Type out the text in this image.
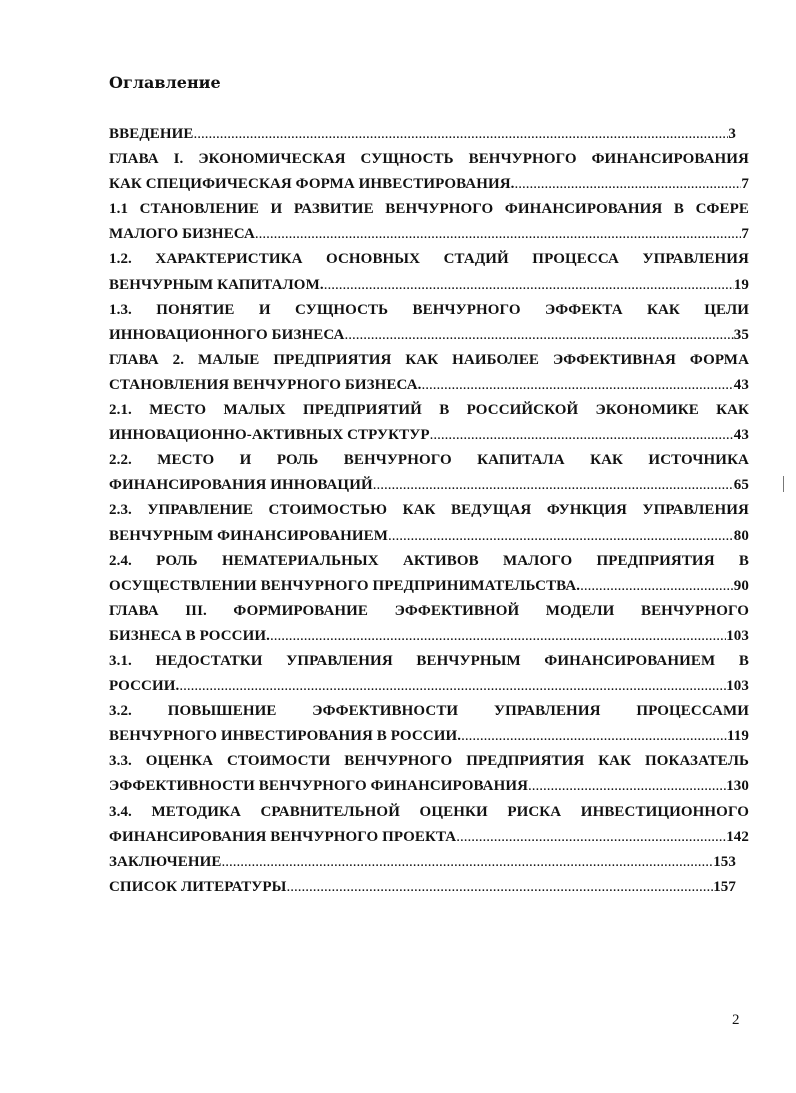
Оглавление
ВВЕДЕНИЕ .....	3
ГЛАВА I. ЭКОНОМИЧЕСКАЯ СУЩНОСТЬ ВЕНЧУРНОГО ФИНАНСИРОВАНИЯ
КАК СПЕЦИФИЧЕСКАЯ ФОРМА ИНВЕСТИРОВАНИЯ. .....	7
1.1 СТАНОВЛЕНИЕ И РАЗВИТИЕ ВЕНЧУРНОГО ФИНАНСИРОВАНИЯ В СФЕРЕ
МАЛОГО БИЗНЕСА .....	7
1.2. ХАРАКТЕРИСТИКА ОСНОВНЫХ СТАДИЙ ПРОЦЕССА УПРАВЛЕНИЯ
ВЕНЧУРНЫМ КАПИТАЛОМ. .....	19
1.3. ПОНЯТИЕ И СУЩНОСТЬ ВЕНЧУРНОГО ЭФФЕКТА КАК ЦЕЛИ
ИННОВАЦИОННОГО БИЗНЕСА .....	35
ГЛАВА 2. МАЛЫЕ ПРЕДПРИЯТИЯ КАК НАИБОЛЕЕ ЭФФЕКТИВНАЯ ФОРМА
СТАНОВЛЕНИЯ ВЕНЧУРНОГО БИЗНЕСА. .....	43
2.1. МЕСТО МАЛЫХ ПРЕДПРИЯТИЙ В РОССИЙСКОЙ ЭКОНОМИКЕ КАК
ИННОВАЦИОННО-АКТИВНЫХ СТРУКТУР .....	43
2.2. МЕСТО И РОЛЬ ВЕНЧУРНОГО КАПИТАЛА КАК ИСТОЧНИКА
ФИНАНСИРОВАНИЯ ИННОВАЦИЙ .....	65
2.3. УПРАВЛЕНИЕ СТОИМОСТЬЮ КАК ВЕДУЩАЯ ФУНКЦИЯ УПРАВЛЕНИЯ
ВЕНЧУРНЫМ ФИНАНСИРОВАНИЕМ .....	80
2.4. РОЛЬ НЕМАТЕРИАЛЬНЫХ АКТИВОВ МАЛОГО ПРЕДПРИЯТИЯ В
ОСУЩЕСТВЛЕНИИ ВЕНЧУРНОГО ПРЕДПРИНИМАТЕЛЬСТВА. .....	90
ГЛАВА III. ФОРМИРОВАНИЕ ЭФФЕКТИВНОЙ МОДЕЛИ ВЕНЧУРНОГО
БИЗНЕСА В РОССИИ. .....	103
3.1. НЕДОСТАТКИ УПРАВЛЕНИЯ ВЕНЧУРНЫМ ФИНАНСИРОВАНИЕМ В
РОССИИ. .....	103
3.2. ПОВЫШЕНИЕ ЭФФЕКТИВНОСТИ УПРАВЛЕНИЯ ПРОЦЕССАМИ
ВЕНЧУРНОГО ИНВЕСТИРОВАНИЯ В РОССИИ. .....	119
3.3. ОЦЕНКА СТОИМОСТИ ВЕНЧУРНОГО ПРЕДПРИЯТИЯ КАК ПОКАЗАТЕЛЬ
ЭФФЕКТИВНОСТИ ВЕНЧУРНОГО ФИНАНСИРОВАНИЯ .....	130
3.4. МЕТОДИКА СРАВНИТЕЛЬНОЙ ОЦЕНКИ РИСКА ИНВЕСТИЦИОННОГО
ФИНАНСИРОВАНИЯ ВЕНЧУРНОГО ПРОЕКТА .....	142
ЗАКЛЮЧЕНИЕ .....	153
СПИСОК ЛИТЕРАТУРЫ .....	157
2
